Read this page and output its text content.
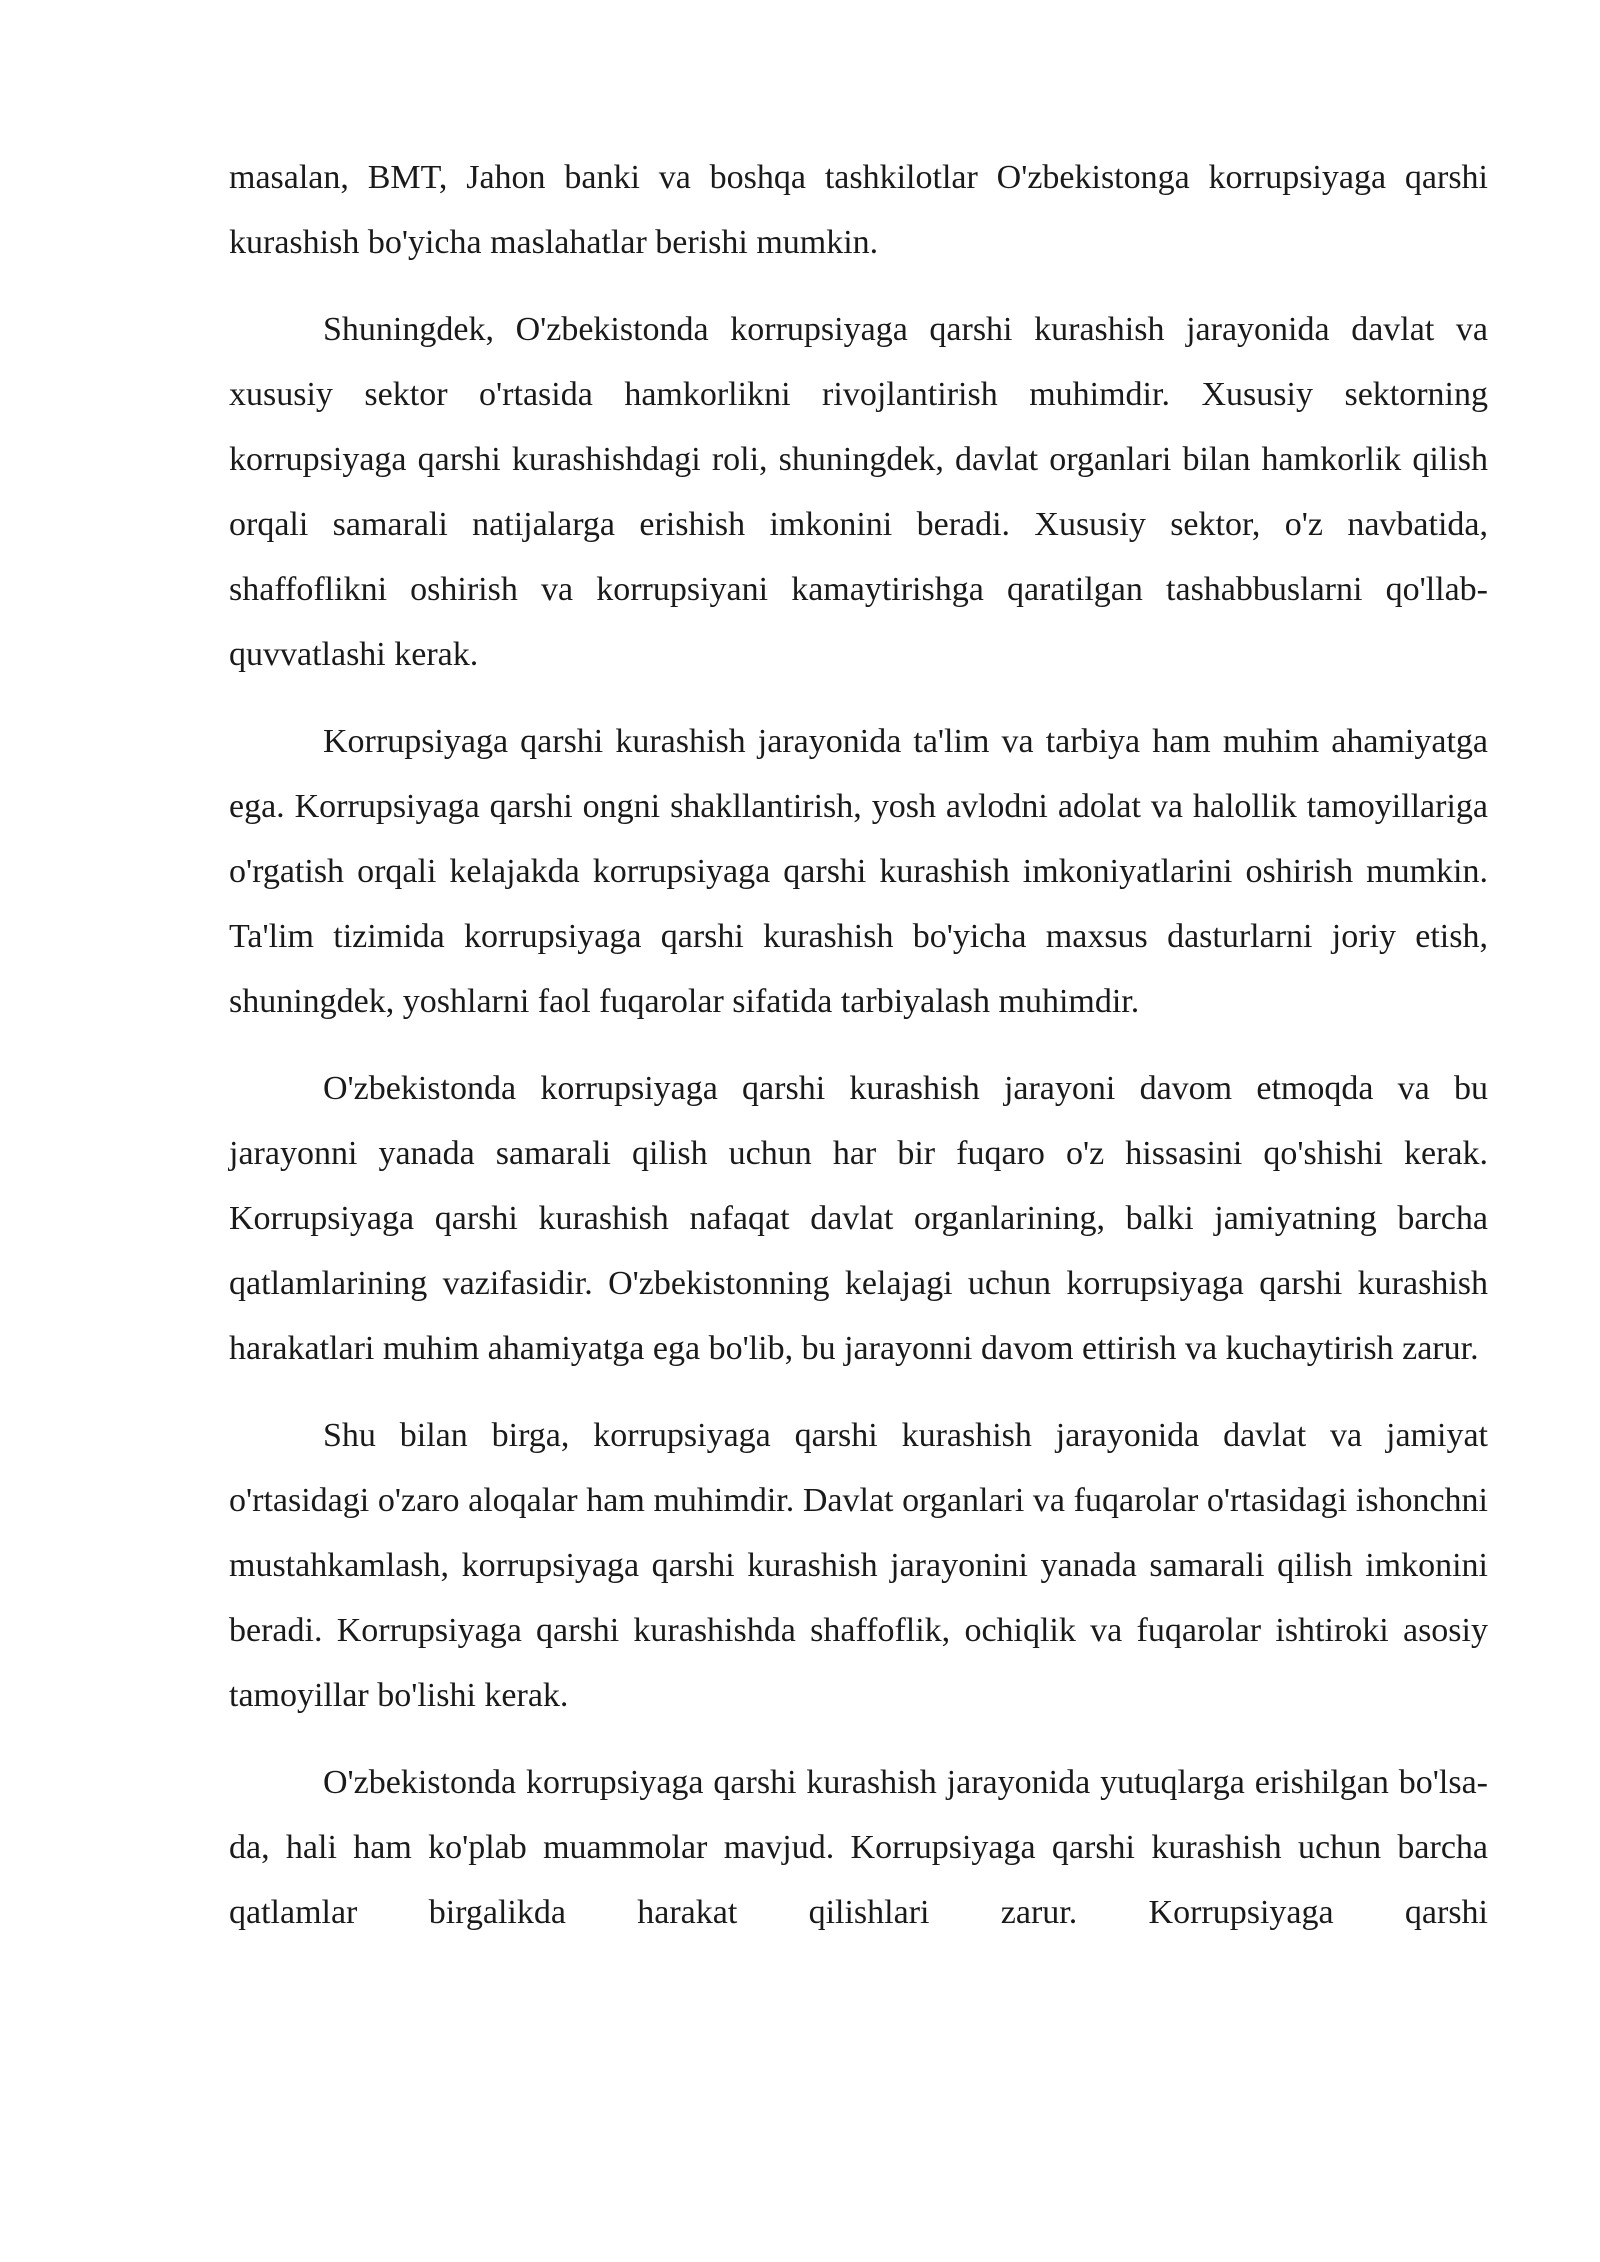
masalan, BMT, Jahon banki va boshqa tashkilotlar O'zbekistonga korrupsiyaga qarshi kurashish bo'yicha maslahatlar berishi mumkin.

Shuningdek, O'zbekistonda korrupsiyaga qarshi kurashish jarayonida davlat va xususiy sektor o'rtasida hamkorlikni rivojlantirish muhimdir. Xususiy sektorning korrupsiyaga qarshi kurashishdagi roli, shuningdek, davlat organlari bilan hamkorlik qilish orqali samarali natijalarga erishish imkonini beradi. Xususiy sektor, o'z navbatida, shaffoflikni oshirish va korrupsiyani kamaytirishga qaratilgan tashabbuslarni qo'llab-quvvatlashi kerak.

Korrupsiyaga qarshi kurashish jarayonida ta'lim va tarbiya ham muhim ahamiyatga ega. Korrupsiyaga qarshi ongni shakllantirish, yosh avlodni adolat va halollik tamoyillariga o'rgatish orqali kelajakda korrupsiyaga qarshi kurashish imkoniyatlarini oshirish mumkin. Ta'lim tizimida korrupsiyaga qarshi kurashish bo'yicha maxsus dasturlarni joriy etish, shuningdek, yoshlarni faol fuqarolar sifatida tarbiyalash muhimdir.

O'zbekistonda korrupsiyaga qarshi kurashish jarayoni davom etmoqda va bu jarayonni yanada samarali qilish uchun har bir fuqaro o'z hissasini qo'shishi kerak. Korrupsiyaga qarshi kurashish nafaqat davlat organlarining, balki jamiyatning barcha qatlamlarining vazifasidir. O'zbekistonning kelajagi uchun korrupsiyaga qarshi kurashish harakatlari muhim ahamiyatga ega bo'lib, bu jarayonni davom ettirish va kuchaytirish zarur.

Shu bilan birga, korrupsiyaga qarshi kurashish jarayonida davlat va jamiyat o'rtasidagi o'zaro aloqalar ham muhimdir. Davlat organlari va fuqarolar o'rtasidagi ishonchni mustahkamlash, korrupsiyaga qarshi kurashish jarayonini yanada samarali qilish imkonini beradi. Korrupsiyaga qarshi kurashishda shaffoflik, ochiqlik va fuqarolar ishtiroki asosiy tamoyillar bo'lishi kerak.

O'zbekistonda korrupsiyaga qarshi kurashish jarayonida yutuqlarga erishilgan bo'lsa-da, hali ham ko'plab muammolar mavjud. Korrupsiyaga qarshi kurashish uchun barcha qatlamlar birgalikda harakat qilishlari zarur. Korrupsiyaga qarshi
